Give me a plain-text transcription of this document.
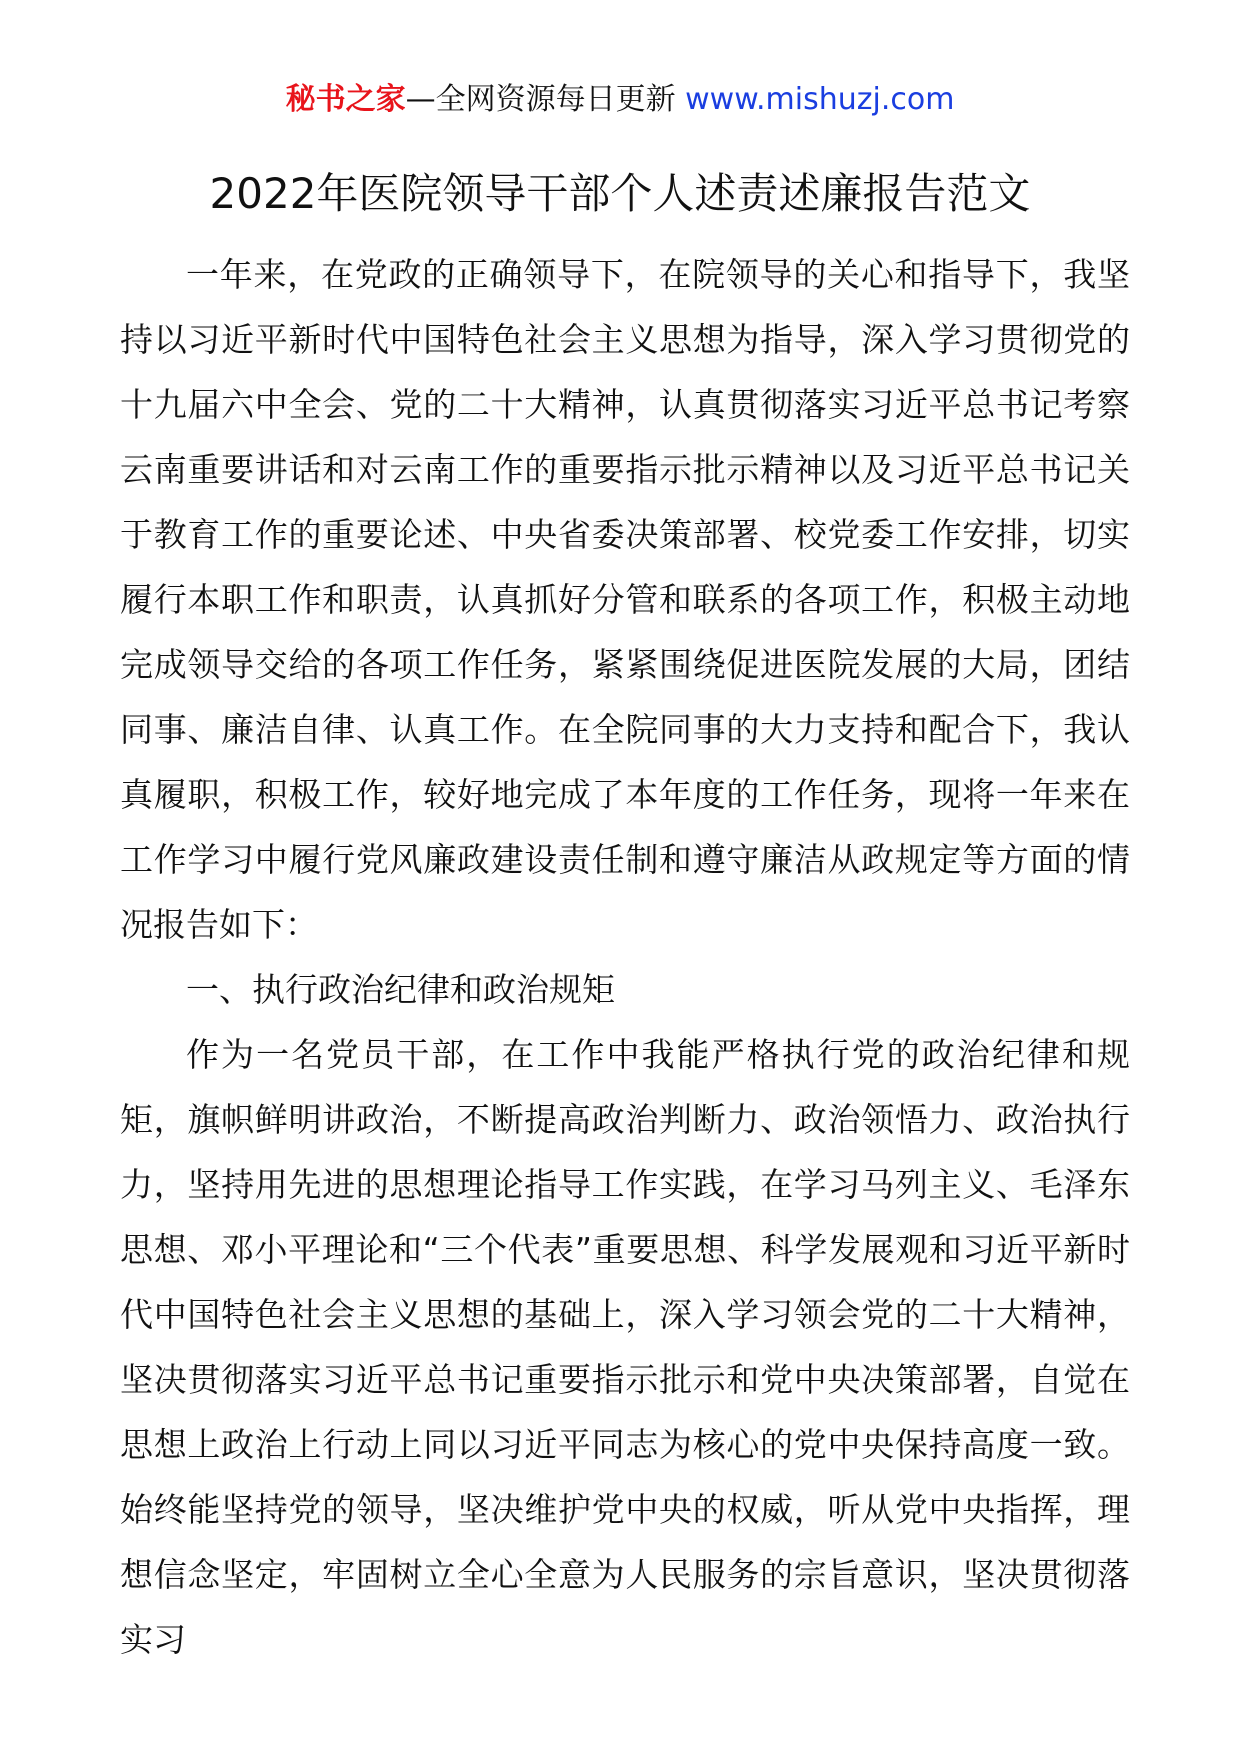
秘书之家—全网资源每日更新 www.mishuzj.com
2022年医院领导干部个人述责述廉报告范文

一年来，在党政的正确领导下，在院领导的关心和指导下，我坚持以习近平新时代中国特色社会主义思想为指导，深入学习贯彻党的十九届六中全会、党的二十大精神，认真贯彻落实习近平总书记考察云南重要讲话和对云南工作的重要指示批示精神以及习近平总书记关于教育工作的重要论述、中央省委决策部署、校党委工作安排，切实履行本职工作和职责，认真抓好分管和联系的各项工作，积极主动地完成领导交给的各项工作任务，紧紧围绕促进医院发展的大局，团结同事、廉洁自律、认真工作。在全院同事的大力支持和配合下，我认真履职，积极工作，较好地完成了本年度的工作任务，现将一年来在工作学习中履行党风廉政建设责任制和遵守廉洁从政规定等方面的情况报告如下：

一、执行政治纪律和政治规矩

作为一名党员干部，在工作中我能严格执行党的政治纪律和规矩，旗帜鲜明讲政治，不断提高政治判断力、政治领悟力、政治执行力，坚持用先进的思想理论指导工作实践，在学习马列主义、毛泽东思想、邓小平理论和“三个代表”重要思想、科学发展观和习近平新时代中国特色社会主义思想的基础上，深入学习领会党的二十大精神，坚决贯彻落实习近平总书记重要指示批示和党中央决策部署，自觉在思想上政治上行动上同以习近平同志为核心的党中央保持高度一致。始终能坚持党的领导，坚决维护党中央的权威，听从党中央指挥，理想信念坚定，牢固树立全心全意为人民服务的宗旨意识，坚决贯彻落实习
